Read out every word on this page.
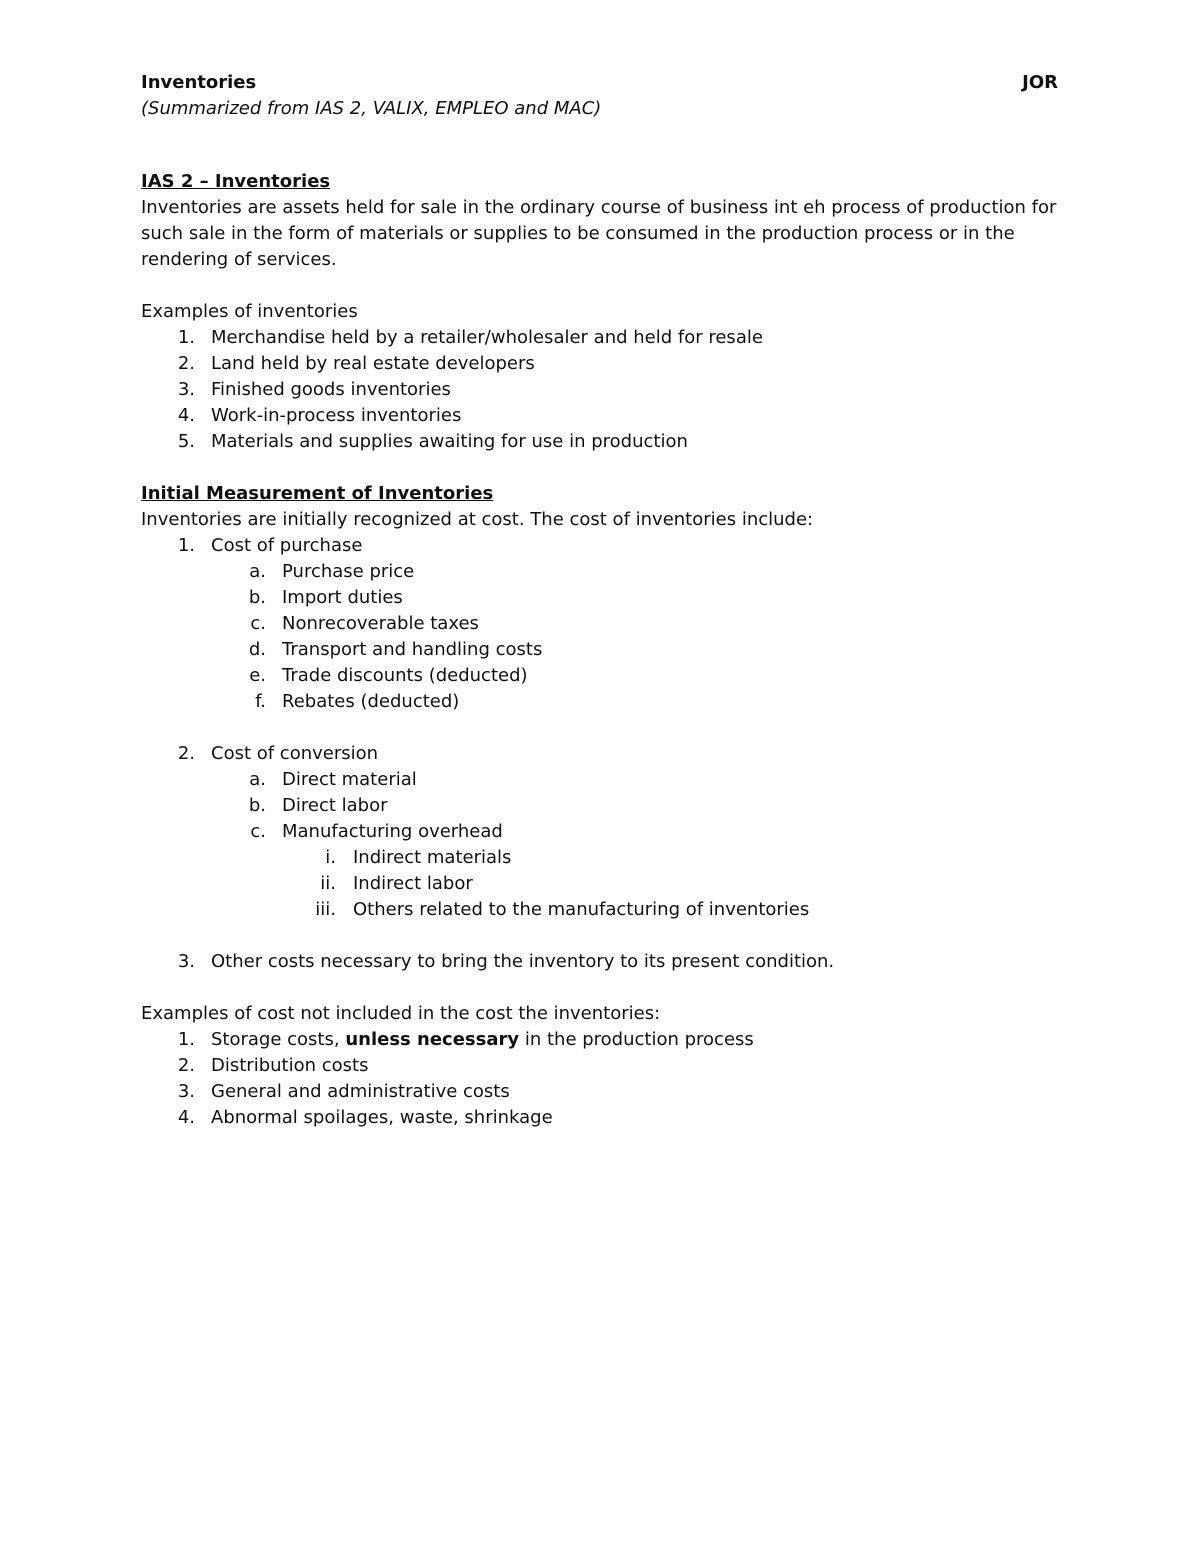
Inventories	JOR
(Summarized from IAS 2, VALIX, EMPLEO and MAC)
IAS 2 – Inventories
Inventories are assets held for sale in the ordinary course of business int eh process of production for such sale in the form of materials or supplies to be consumed in the production process or in the rendering of services.
Examples of inventories
1. Merchandise held by a retailer/wholesaler and held for resale
2. Land held by real estate developers
3. Finished goods inventories
4. Work-in-process inventories
5. Materials and supplies awaiting for use in production
Initial Measurement of Inventories
Inventories are initially recognized at cost. The cost of inventories include:
1. Cost of purchase
a. Purchase price
b. Import duties
c. Nonrecoverable taxes
d. Transport and handling costs
e. Trade discounts (deducted)
f. Rebates (deducted)
2. Cost of conversion
a. Direct material
b. Direct labor
c. Manufacturing overhead
i. Indirect materials
ii. Indirect labor
iii. Others related to the manufacturing of inventories
3. Other costs necessary to bring the inventory to its present condition.
Examples of cost not included in the cost the inventories:
1. Storage costs, unless necessary in the production process
2. Distribution costs
3. General and administrative costs
4. Abnormal spoilages, waste, shrinkage
